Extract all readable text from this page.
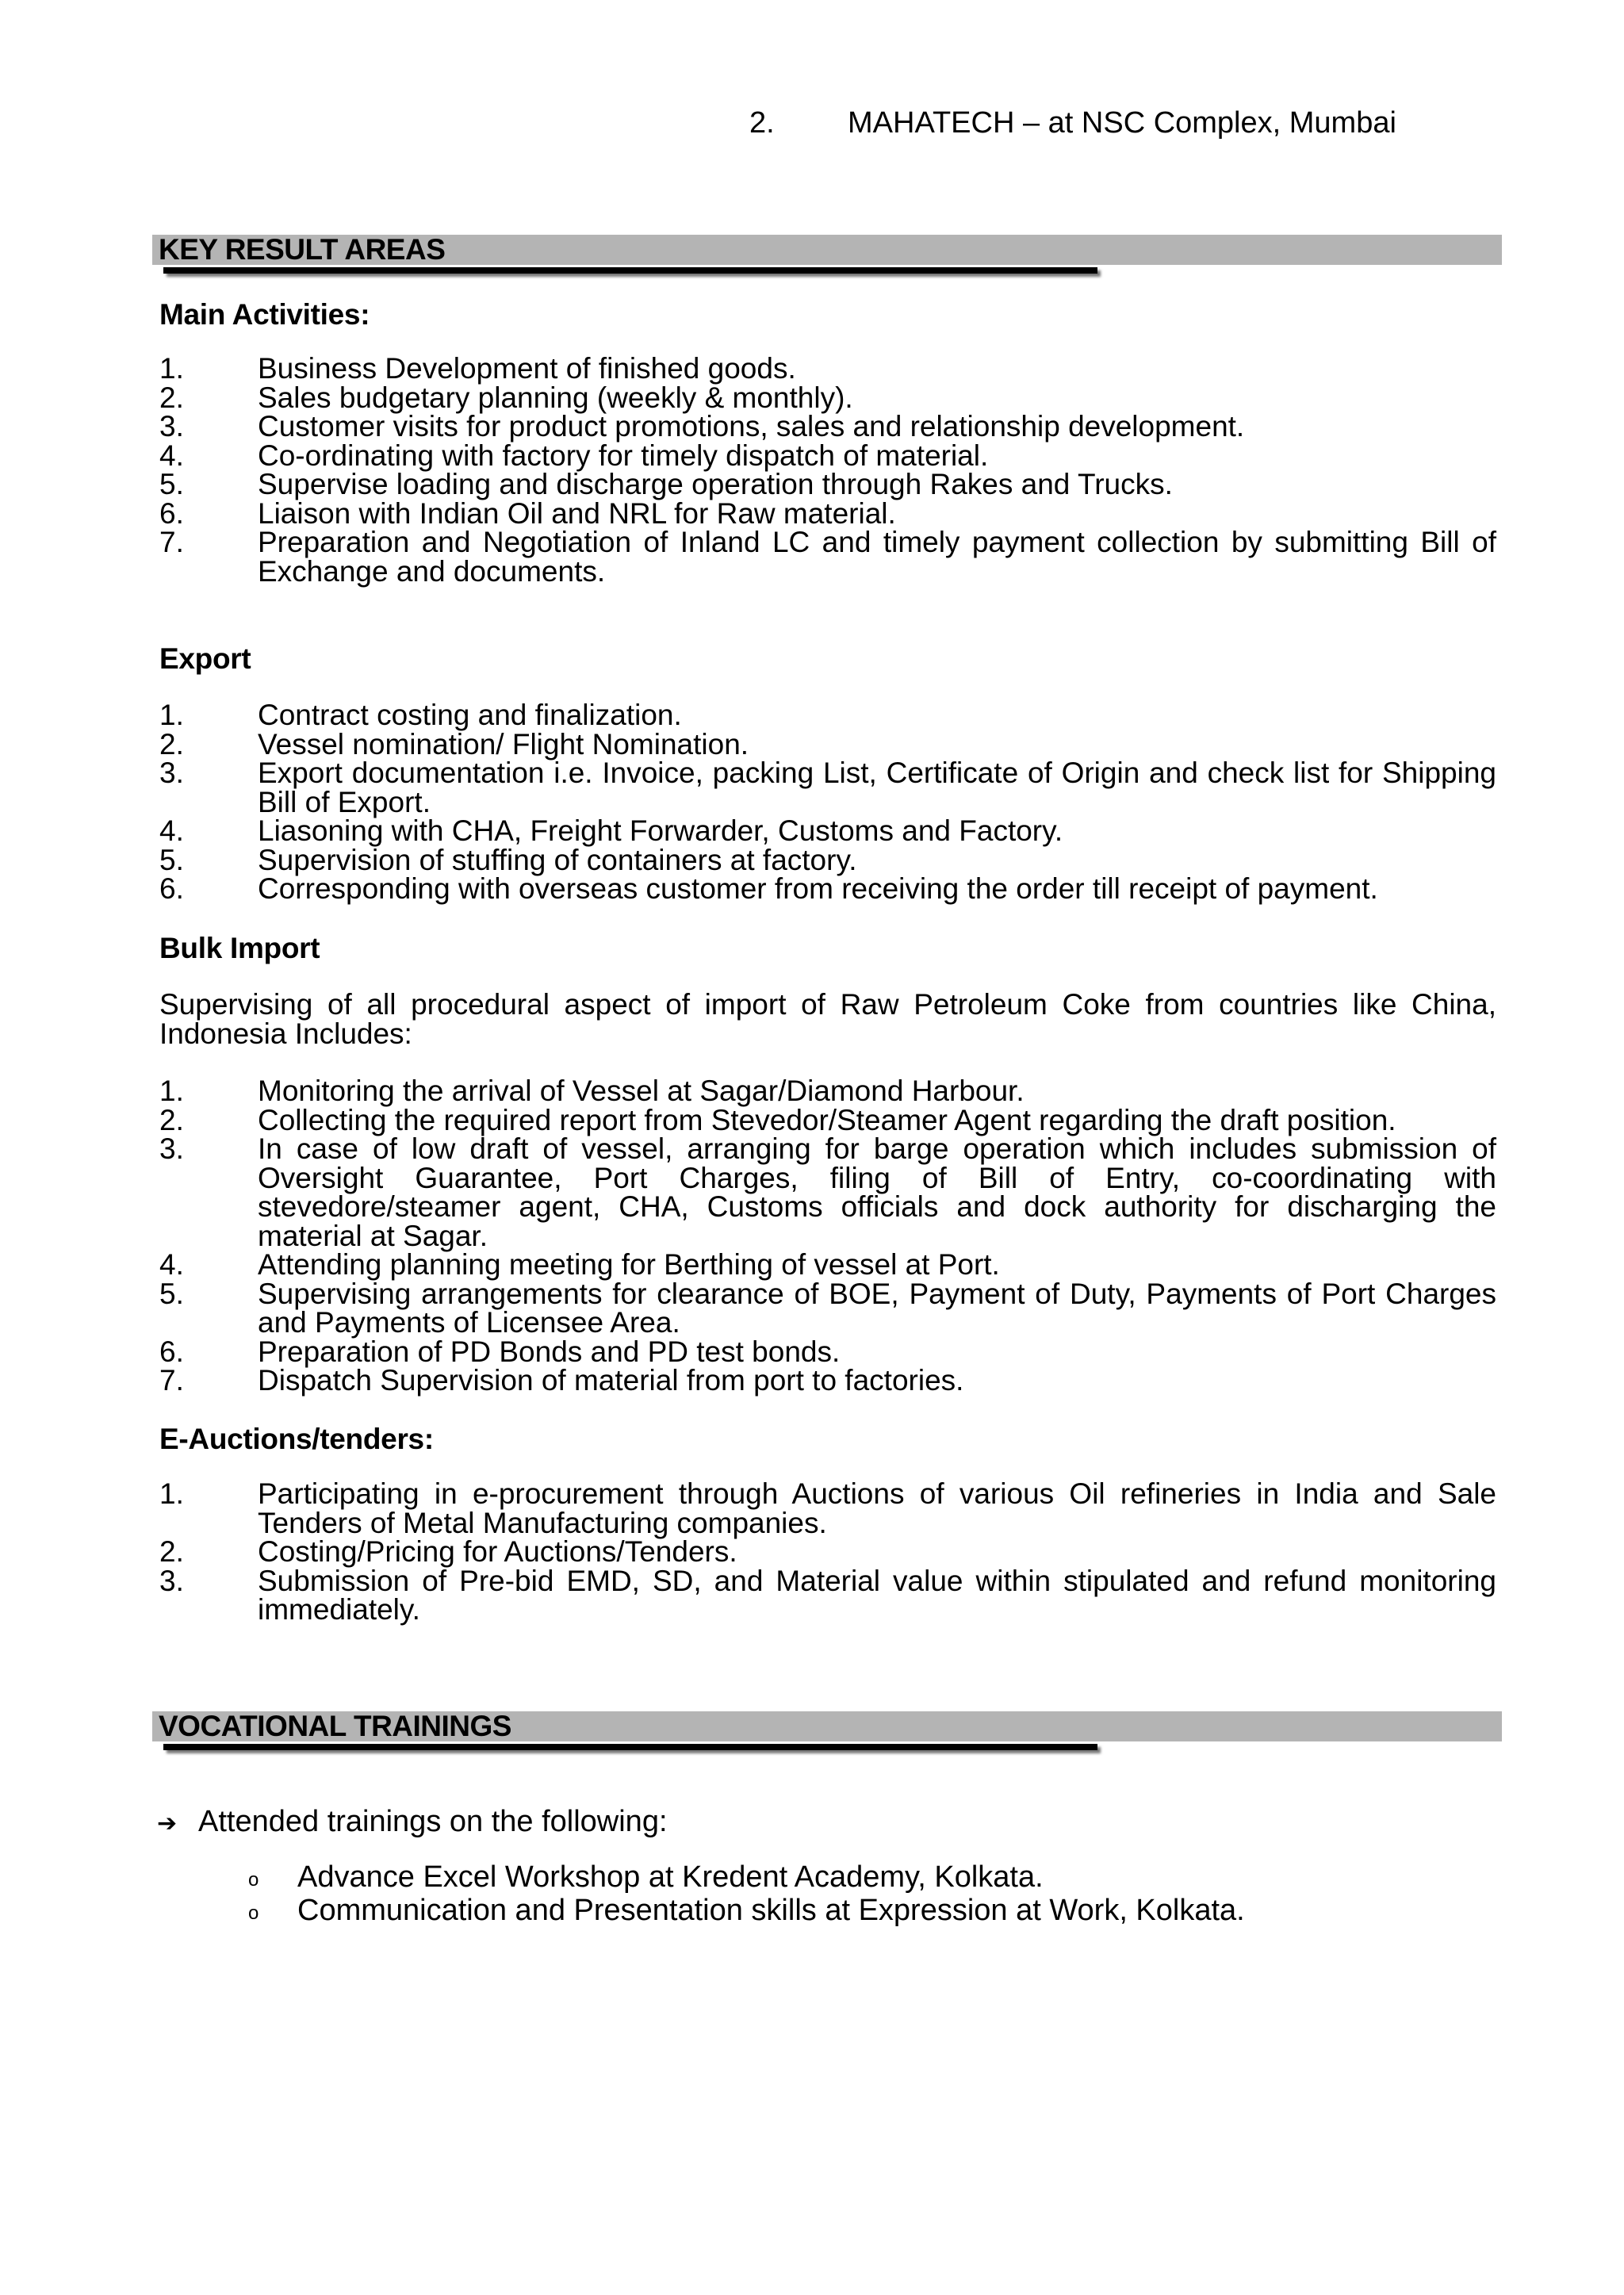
2. MAHATECH – at NSC Complex, Mumbai
KEY RESULT AREAS
Main Activities:
1.	Business Development of finished goods.
2.	Sales budgetary planning (weekly & monthly).
3.	Customer visits for product promotions, sales and relationship development.
4.	Co-ordinating with factory for timely dispatch of material.
5.	Supervise loading and discharge operation through Rakes and Trucks.
6.	Liaison with Indian Oil and NRL for Raw material.
7.	Preparation and Negotiation of Inland LC and timely payment collection by submitting Bill of Exchange and documents.
Export
1.	Contract costing and finalization.
2.	Vessel nomination/ Flight Nomination.
3.	Export documentation i.e. Invoice, packing List, Certificate of Origin and check list for Shipping Bill of Export.
4.	Liasoning with CHA, Freight Forwarder, Customs and Factory.
5.	Supervision of stuffing of containers at factory.
6.	Corresponding with overseas customer from receiving the order till receipt of payment.
Bulk Import

Supervising of all procedural aspect of import of Raw Petroleum Coke from countries like China, Indonesia Includes:

1.	Monitoring the arrival of Vessel at Sagar/Diamond Harbour.
2.	Collecting the required report from Stevedor/Steamer Agent regarding the draft position.
3.	In case of low draft of vessel, arranging for barge operation which includes submission of Oversight Guarantee, Port Charges, filing of Bill of Entry, co-coordinating with stevedore/steamer agent, CHA, Customs officials and dock authority for discharging the material at Sagar.
4.	Attending planning meeting for Berthing of vessel at Port.
5.	Supervising arrangements for clearance of BOE, Payment of Duty, Payments of Port Charges and Payments of Licensee Area.
6.	Preparation of PD Bonds and PD test bonds.
7.	Dispatch Supervision of material from port to factories.
E-Auctions/tenders:
1.	Participating in e-procurement through Auctions of various Oil refineries in India and Sale Tenders of Metal Manufacturing companies.
2.	Costing/Pricing for Auctions/Tenders.
3.	Submission of Pre-bid EMD, SD, and Material value within stipulated and refund monitoring immediately.
VOCATIONAL TRAININGS
➔ Attended trainings on the following:
o Advance Excel Workshop at Kredent Academy, Kolkata.
o Communication and Presentation skills at Expression at Work, Kolkata.
